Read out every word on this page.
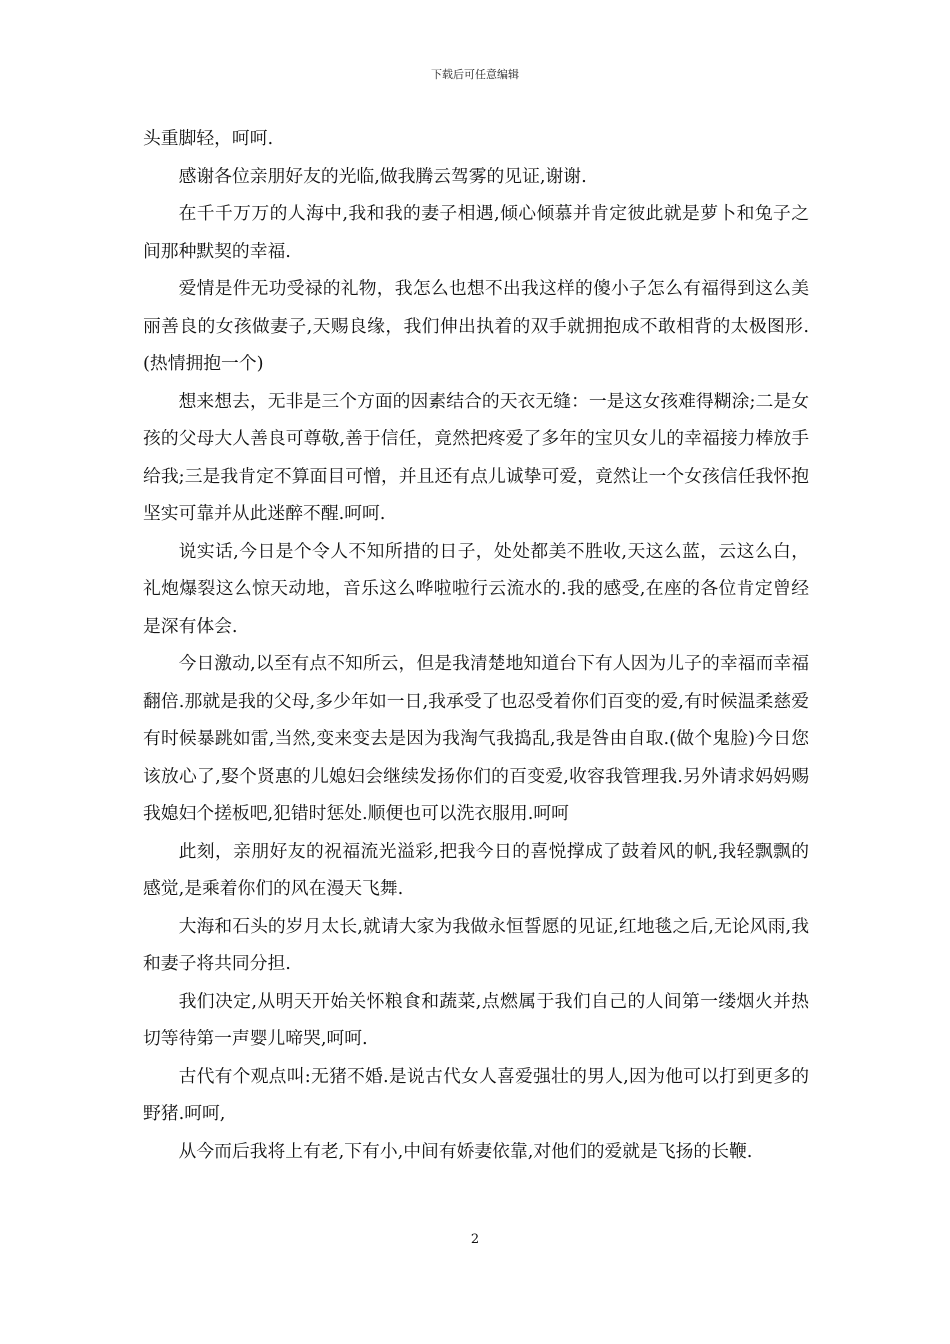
下载后可任意编辑

头重脚轻，呵呵.

感谢各位亲朋好友的光临,做我腾云驾雾的见证,谢谢.

在千千万万的人海中,我和我的妻子相遇,倾心倾慕并肯定彼此就是萝卜和兔子之间那种默契的幸福.

爱情是件无功受禄的礼物，我怎么也想不出我这样的傻小子怎么有福得到这么美丽善良的女孩做妻子,天赐良缘，我们伸出执着的双手就拥抱成不敢相背的太极图形.(热情拥抱一个)

想来想去，无非是三个方面的因素结合的天衣无缝：一是这女孩难得糊涂;二是女孩的父母大人善良可尊敬,善于信任，竟然把疼爱了多年的宝贝女儿的幸福接力棒放手给我;三是我肯定不算面目可憎，并且还有点儿诚挚可爱，竟然让一个女孩信任我怀抱坚实可靠并从此迷醉不醒.呵呵.

说实话,今日是个令人不知所措的日子，处处都美不胜收,天这么蓝，云这么白，礼炮爆裂这么惊天动地，音乐这么哗啦啦行云流水的.我的感受,在座的各位肯定曾经是深有体会.

今日激动,以至有点不知所云，但是我清楚地知道台下有人因为儿子的幸福而幸福翻倍.那就是我的父母,多少年如一日,我承受了也忍受着你们百变的爱,有时候温柔慈爱有时候暴跳如雷,当然,变来变去是因为我淘气我捣乱,我是咎由自取.(做个鬼脸)今日您该放心了,娶个贤惠的儿媳妇会继续发扬你们的百变爱,收容我管理我.另外请求妈妈赐我媳妇个搓板吧,犯错时惩处.顺便也可以洗衣服用.呵呵

此刻，亲朋好友的祝福流光溢彩,把我今日的喜悦撑成了鼓着风的帆,我轻飘飘的感觉,是乘着你们的风在漫天飞舞.

大海和石头的岁月太长,就请大家为我做永恒誓愿的见证,红地毯之后,无论风雨,我和妻子将共同分担.

我们决定,从明天开始关怀粮食和蔬菜,点燃属于我们自己的人间第一缕烟火并热切等待第一声婴儿啼哭,呵呵.

古代有个观点叫:无猪不婚.是说古代女人喜爱强壮的男人,因为他可以打到更多的野猪.呵呵,

从今而后我将上有老,下有小,中间有娇妻依靠,对他们的爱就是飞扬的长鞭.

2
